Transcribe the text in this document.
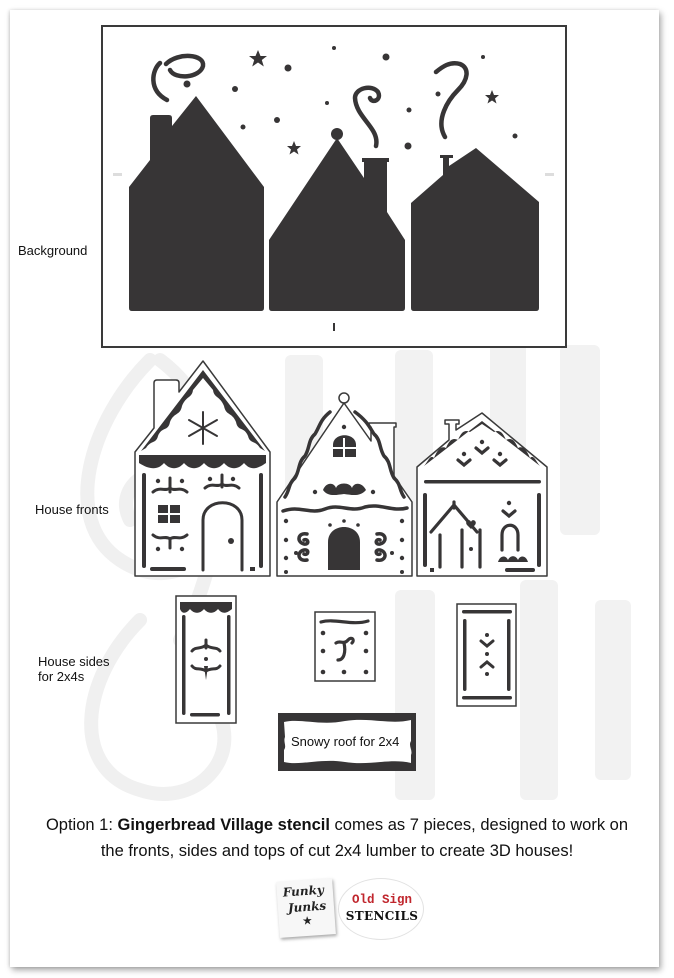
Background
House fronts
House sides
for 2x4s
Snowy roof for 2x4
Option 1: Gingerbread Village stencil comes as 7 pieces, designed to work on
the fronts, sides and tops of cut 2x4 lumber to create 3D houses!
Funky
Junks
★
Old Sign
STENCILS
